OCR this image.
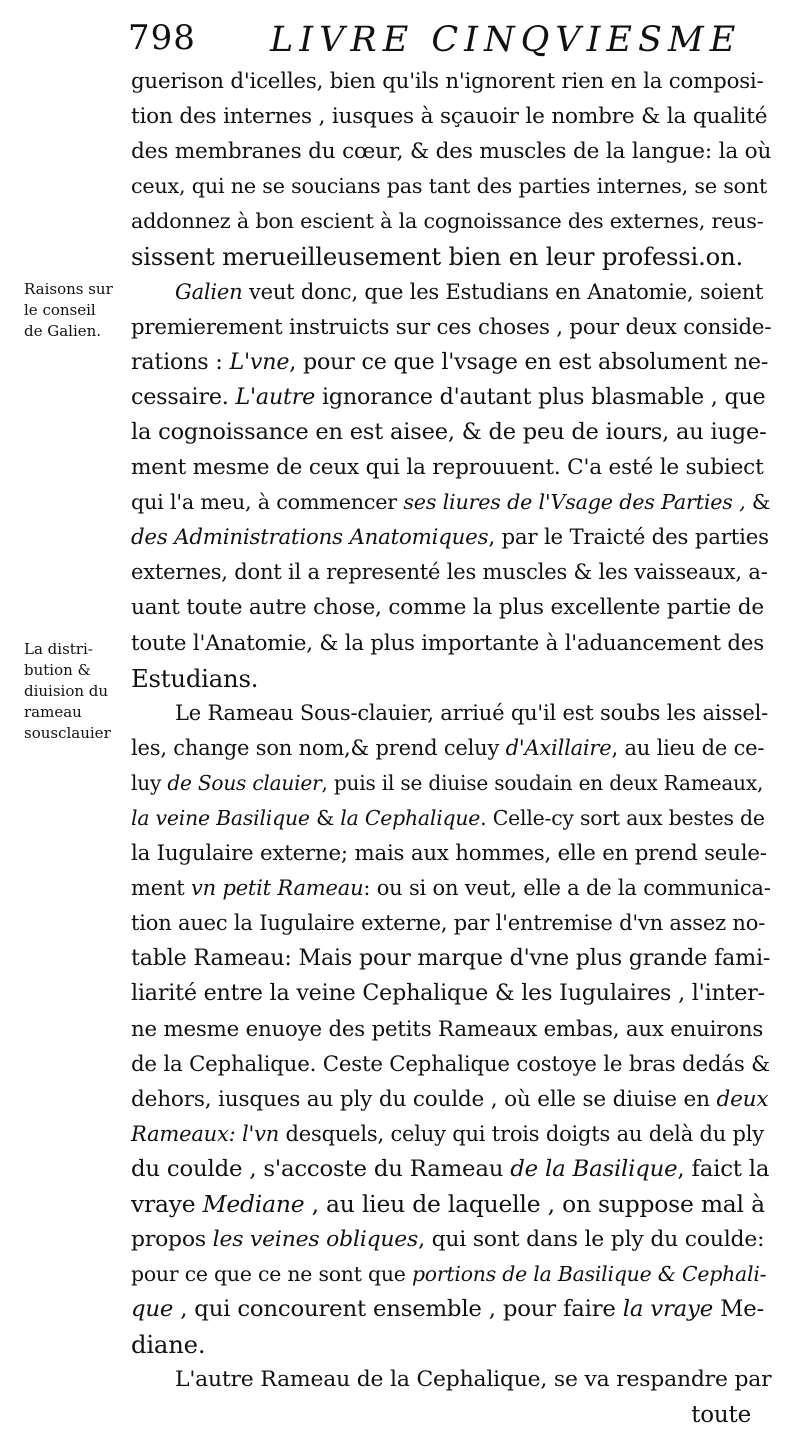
798 LIVRE CINQVIESME
Raisons sur
le conseil
de Galien.
La distri-
bution &
diuision du
rameau
sousclauier
guerison d'icelles, bien qu'ils n'ignorent rien en la composi-
tion des internes , iusques à sçauoir le nombre & la qualité
des membranes du cœur, & des muscles de la langue: la où
ceux, qui ne se soucians pas tant des parties internes, se sont
addonnez à bon escient à la cognoissance des externes, reus-
sissent merueilleusement bien en leur professi.on.
Galien veut donc, que les Estudians en Anatomie, soient
premierement instruicts sur ces choses , pour deux conside-
rations : L'vne, pour ce que l'vsage en est absolument ne-
cessaire. L'autre ignorance d'autant plus blasmable , que
la cognoissance en est aisee, & de peu de iours, au iuge-
ment mesme de ceux qui la reprouuent. C'a esté le subiect
qui l'a meu, à commencer ses liures de l'Vsage des Parties , &
des Administrations Anatomiques, par le Traicté des parties
externes, dont il a representé les muscles & les vaisseaux, a-
uant toute autre chose, comme la plus excellente partie de
toute l'Anatomie, & la plus importante à l'aduancement des
Estudians.
Le Rameau Sous-clauier, arriué qu'il est soubs les aissel-
les, change son nom,& prend celuy d'Axillaire, au lieu de ce-
luy de Sous clauier, puis il se diuise soudain en deux Rameaux,
la veine Basilique & la Cephalique. Celle-cy sort aux bestes de
la Iugulaire externe; mais aux hommes, elle en prend seule-
ment vn petit Rameau: ou si on veut, elle a de la communica-
tion auec la Iugulaire externe, par l'entremise d'vn assez no-
table Rameau: Mais pour marque d'vne plus grande fami-
liarité entre la veine Cephalique & les Iugulaires , l'inter-
ne mesme enuoye des petits Rameaux embas, aux enuirons
de la Cephalique. Ceste Cephalique costoye le bras dedás &
dehors, iusques au ply du coulde , où elle se diuise en deux
Rameaux: l'vn desquels, celuy qui trois doigts au delà du ply
du coulde , s'accoste du Rameau de la Basilique, faict la
vraye Mediane , au lieu de laquelle , on suppose mal à
propos les veines obliques, qui sont dans le ply du coulde:
pour ce que ce ne sont que portions de la Basilique & Cephali-
que , qui concourent ensemble , pour faire la vraye Me-
diane.
L'autre Rameau de la Cephalique, se va respandre par
toute
